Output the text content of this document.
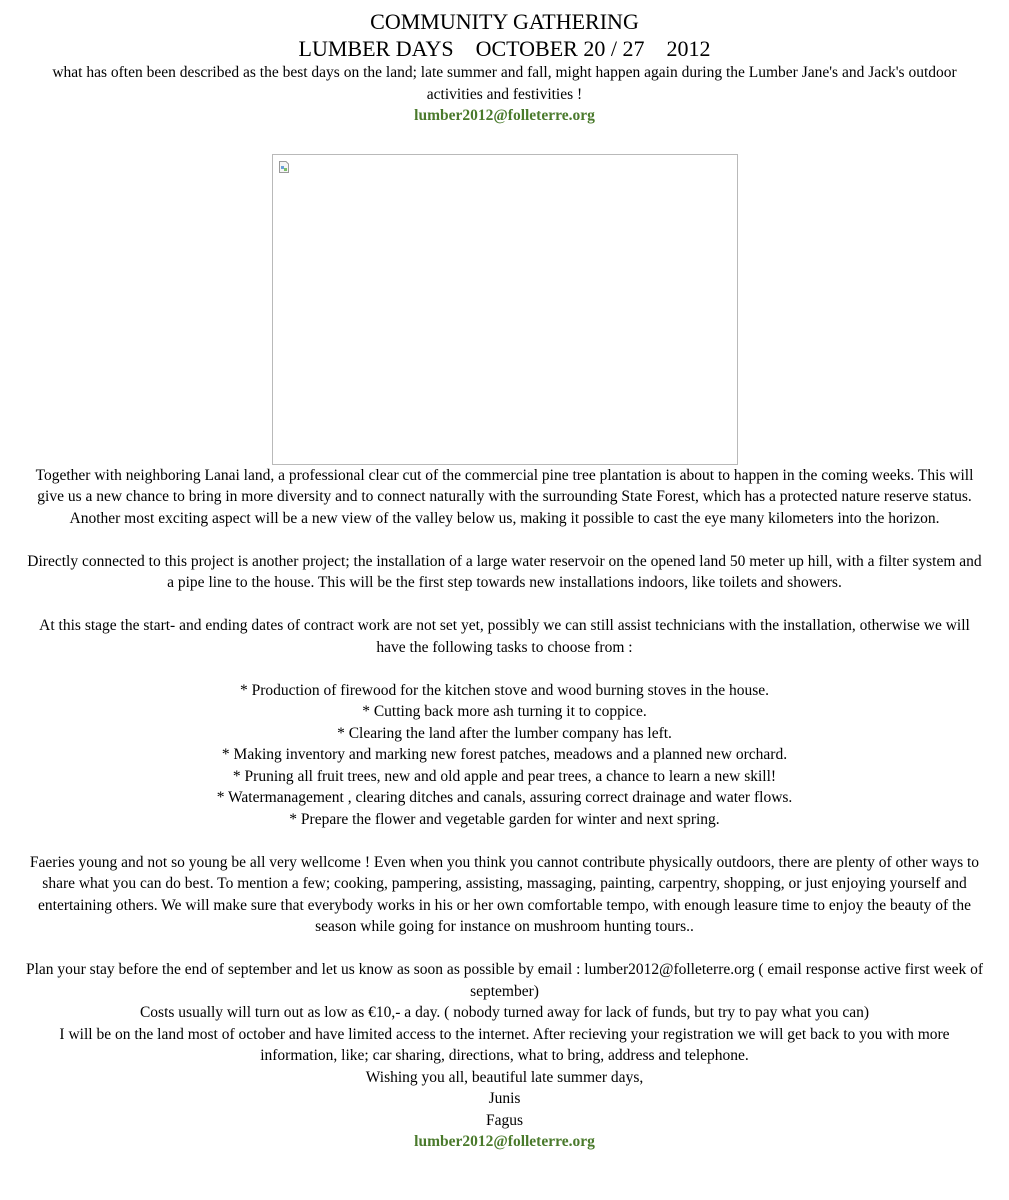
COMMUNITY GATHERING
LUMBER DAYS    OCTOBER 20 / 27    2012

what has often been described as the best days on the land; late summer and fall, might happen again during the Lumber Jane's and Jack's outdoor activities and festivities !

lumber2012@folleterre.org

Together with neighboring Lanai land, a professional clear cut of the commercial pine tree plantation is about to happen in the coming weeks. This will give us a new chance to bring in more diversity and to connect naturally with the surrounding State Forest, which has a protected nature reserve status. Another most exciting aspect will be a new view of the valley below us, making it possible to cast the eye many kilometers into the horizon.

Directly connected to this project is another project; the installation of a large water reservoir on the opened land 50 meter up hill, with a filter system and a pipe line to the house. This will be the first step towards new installations indoors, like toilets and showers.

At this stage the start- and ending dates of contract work are not set yet, possibly we can still assist technicians with the installation, otherwise we will have the following tasks to choose from :

* Production of firewood for the kitchen stove and wood burning stoves in the house.

* Cutting back more ash turning it to coppice.

* Clearing the land after the lumber company has left.

* Making inventory and marking new forest patches, meadows and a planned new orchard.

* Pruning all fruit trees, new and old apple and pear trees, a chance to learn a new skill!

* Watermanagement , clearing ditches and canals, assuring correct drainage and water flows.

* Prepare the flower and vegetable garden for winter and next spring.

Faeries young and not so young be all very wellcome ! Even when you think you cannot contribute physically outdoors, there are plenty of other ways to share what you can do best. To mention a few; cooking, pampering, assisting, massaging, painting, carpentry, shopping, or just enjoying yourself and entertaining others. We will make sure that everybody works in his or her own comfortable tempo, with enough leasure time to enjoy the beauty of the season while going for instance on mushroom hunting tours..

Plan your stay before the end of september and let us know as soon as possible by email : lumber2012@folleterre.org ( email response active first week of september)

Costs usually will turn out as low as €10,- a day. ( nobody turned away for lack of funds, but try to pay what you can)

I will be on the land most of october and have limited access to the internet. After recieving your registration we will get back to you with more information, like; car sharing, directions, what to bring, address and telephone.

Wishing you all, beautiful late summer days,

Junis

Fagus

lumber2012@folleterre.org
